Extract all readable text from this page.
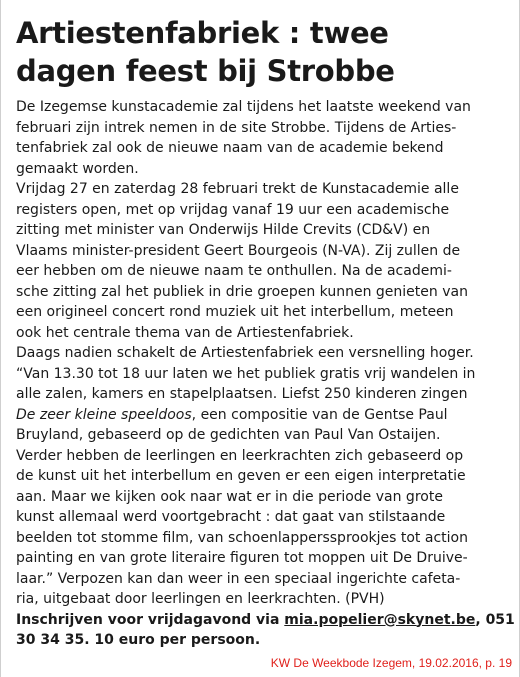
Artiestenfabriek : twee
dagen feest bij Strobbe
De Izegemse kunstacademie zal tijdens het laatste weekend van
februari zijn intrek nemen in de site Strobbe. Tijdens de Arties-
tenfabriek zal ook de nieuwe naam van de academie bekend
gemaakt worden.
Vrijdag 27 en zaterdag 28 februari trekt de Kunstacademie alle
registers open, met op vrijdag vanaf 19 uur een academische
zitting met minister van Onderwijs Hilde Crevits (CD&V) en
Vlaams minister-president Geert Bourgeois (N-VA). Zij zullen de
eer hebben om de nieuwe naam te onthullen. Na de academi-
sche zitting zal het publiek in drie groepen kunnen genieten van
een origineel concert rond muziek uit het interbellum, meteen
ook het centrale thema van de Artiestenfabriek.
Daags nadien schakelt de Artiestenfabriek een versnelling hoger.
“Van 13.30 tot 18 uur laten we het publiek gratis vrij wandelen in
alle zalen, kamers en stapelplaatsen. Liefst 250 kinderen zingen
De zeer kleine speeldoos, een compositie van de Gentse Paul
Bruyland, gebaseerd op de gedichten van Paul Van Ostaijen.
Verder hebben de leerlingen en leerkrachten zich gebaseerd op
de kunst uit het interbellum en geven er een eigen interpretatie
aan. Maar we kijken ook naar wat er in die periode van grote
kunst allemaal werd voortgebracht : dat gaat van stilstaande
beelden tot stomme film, van schoenlapperssprookjes tot action
painting en van grote literaire figuren tot moppen uit De Druive-
laar.” Verpozen kan dan weer in een speciaal ingerichte cafeta-
ria, uitgebaat door leerlingen en leerkrachten. (PVH)
Inschrijven voor vrijdagavond via mia.popelier@skynet.be, 051
30 34 35. 10 euro per persoon.
KW De Weekbode Izegem, 19.02.2016, p. 19
